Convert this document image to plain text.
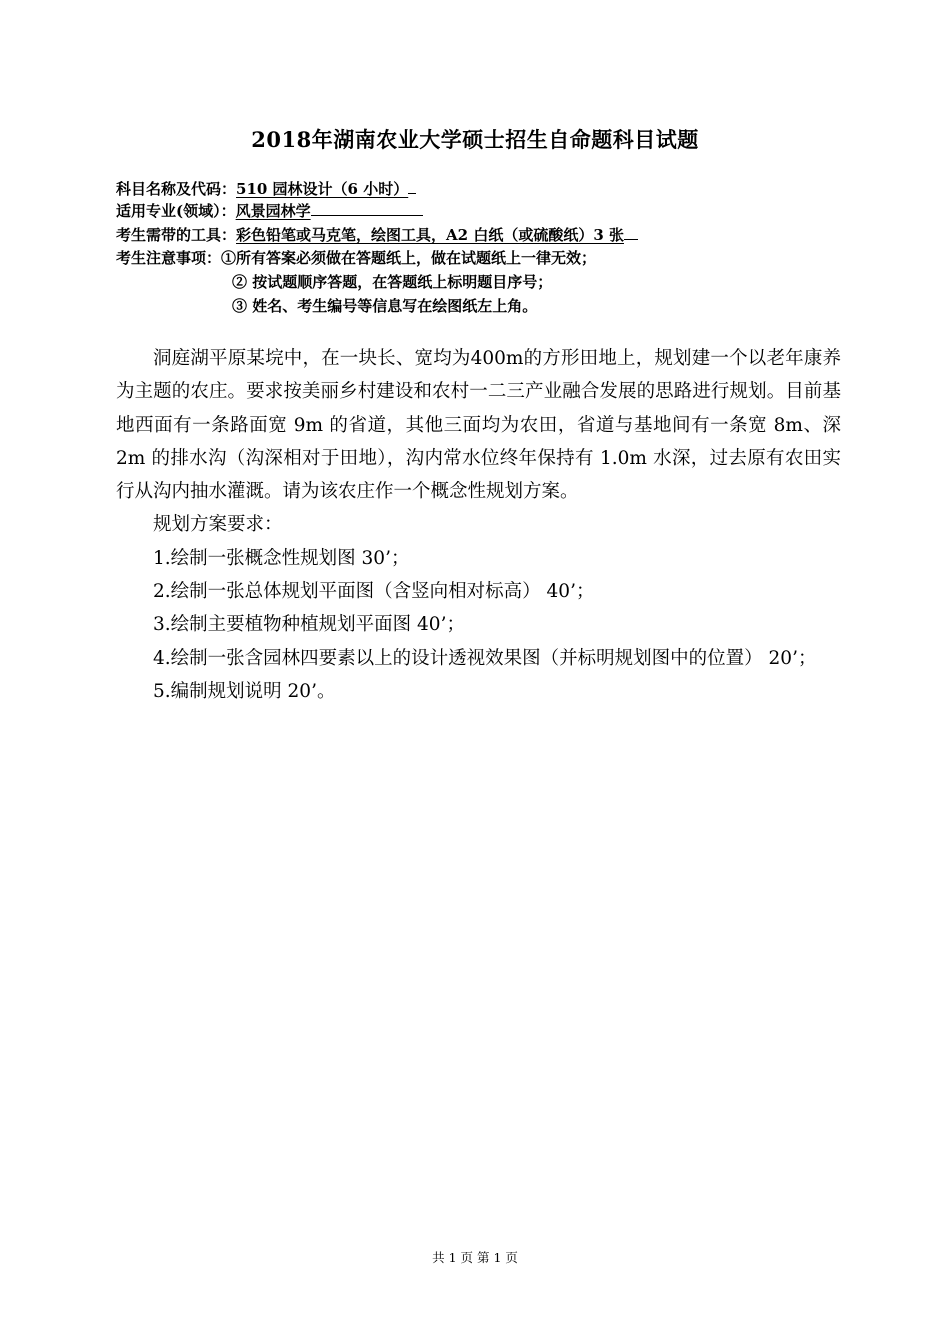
2018年湖南农业大学硕士招生自命题科目试题
科目名称及代码：510 园林设计（6 小时）
适用专业(领域）：风景园林学
考生需带的工具：彩色铅笔或马克笔，绘图工具，A2 白纸（或硫酸纸）3 张
考生注意事项：①所有答案必须做在答题纸上，做在试题纸上一律无效；
② 按试题顺序答题，在答题纸上标明题目序号；
③ 姓名、考生编号等信息写在绘图纸左上角。

洞庭湖平原某垸中，在一块长、宽均为400m的方形田地上，规划建一个以老年康养为主题的农庄。要求按美丽乡村建设和农村一二三产业融合发展的思路进行规划。目前基地西面有一条路面宽 9m 的省道，其他三面均为农田，省道与基地间有一条宽 8m、深 2m 的排水沟（沟深相对于田地），沟内常水位终年保持有 1.0m 水深，过去原有农田实行从沟内抽水灌溉。请为该农庄作一个概念性规划方案。

规划方案要求：

1.绘制一张概念性规划图 30’；

2.绘制一张总体规划平面图（含竖向相对标高） 40’；

3.绘制主要植物种植规划平面图 40’；

4.绘制一张含园林四要素以上的设计透视效果图（并标明规划图中的位置） 20’；

5.编制规划说明 20’。

共 1 页 第 1 页
